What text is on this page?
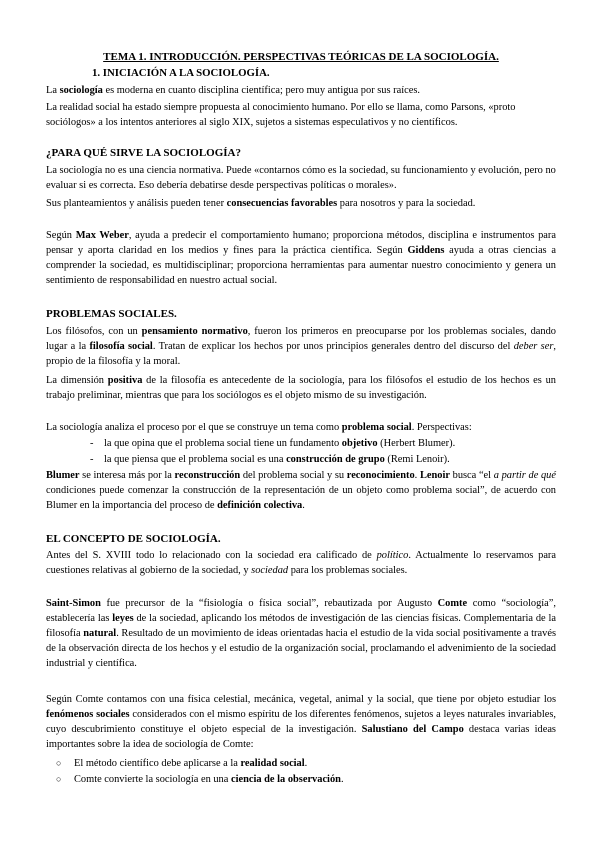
TEMA 1. INTRODUCCIÓN. PERSPECTIVAS TEÓRICAS DE LA SOCIOLOGÍA.
1. INICIACIÓN A LA SOCIOLOGÍA.
La sociología es moderna en cuanto disciplina científica; pero muy antigua por sus raíces.
La realidad social ha estado siempre propuesta al conocimiento humano. Por ello se llama, como Parsons, «proto sociólogos» a los intentos anteriores al siglo XIX, sujetos a sistemas especulativos y no científicos.
¿PARA QUÉ SIRVE LA SOCIOLOGÍA?
La sociología no es una ciencia normativa. Puede «contarnos cómo es la sociedad, su funcionamiento y evolución, pero no evaluar si es correcta. Eso debería debatirse desde perspectivas políticas o morales».
Sus planteamientos y análisis pueden tener consecuencias favorables para nosotros y para la sociedad.
Según Max Weber, ayuda a predecir el comportamiento humano; proporciona métodos, disciplina e instrumentos para pensar y aporta claridad en los medios y fines para la práctica científica. Según Giddens ayuda a otras ciencias a comprender la sociedad, es multidisciplinar; proporciona herramientas para aumentar nuestro conocimiento y genera un sentimiento de responsabilidad en nuestro actual social.
PROBLEMAS SOCIALES.
Los filósofos, con un pensamiento normativo, fueron los primeros en preocuparse por los problemas sociales, dando lugar a la filosofía social. Tratan de explicar los hechos por unos principios generales dentro del discurso del deber ser, propio de la filosofía y la moral.
La dimensión positiva de la filosofía es antecedente de la sociología, para los filósofos el estudio de los hechos es un trabajo preliminar, mientras que para los sociólogos es el objeto mismo de su investigación.
La sociología analiza el proceso por el que se construye un tema como problema social. Perspectivas:
- la que opina que el problema social tiene un fundamento objetivo (Herbert Blumer).
- la que piensa que el problema social es una construcción de grupo (Remi Lenoir).
Blumer se interesa más por la reconstrucción del problema social y su reconocimiento. Lenoir busca “el a partir de qué condiciones puede comenzar la construcción de la representación de un objeto como problema social”, de acuerdo con Blumer en la importancia del proceso de definición colectiva.
EL CONCEPTO DE SOCIOLOGÍA.
Antes del S. XVIII todo lo relacionado con la sociedad era calificado de político. Actualmente lo reservamos para cuestiones relativas al gobierno de la sociedad, y sociedad para los problemas sociales.
Saint-Simon fue precursor de la “fisiología o física social”, rebautizada por Augusto Comte como “sociología”, establecería las leyes de la sociedad, aplicando los métodos de investigación de las ciencias físicas. Complementaria de la filosofía natural. Resultado de un movimiento de ideas orientadas hacia el estudio de la vida social positivamente a través de la observación directa de los hechos y el estudio de la organización social, proclamando el advenimiento de la sociedad industrial y científica.
Según Comte contamos con una física celestial, mecánica, vegetal, animal y la social, que tiene por objeto estudiar los fenómenos sociales considerados con el mismo espíritu de los diferentes fenómenos, sujetos a leyes naturales invariables, cuyo descubrimiento constituye el objeto especial de la investigación. Salustiano del Campo destaca varias ideas importantes sobre la idea de sociología de Comte:
○ El método científico debe aplicarse a la realidad social.
○ Comte convierte la sociología en una ciencia de la observación.
